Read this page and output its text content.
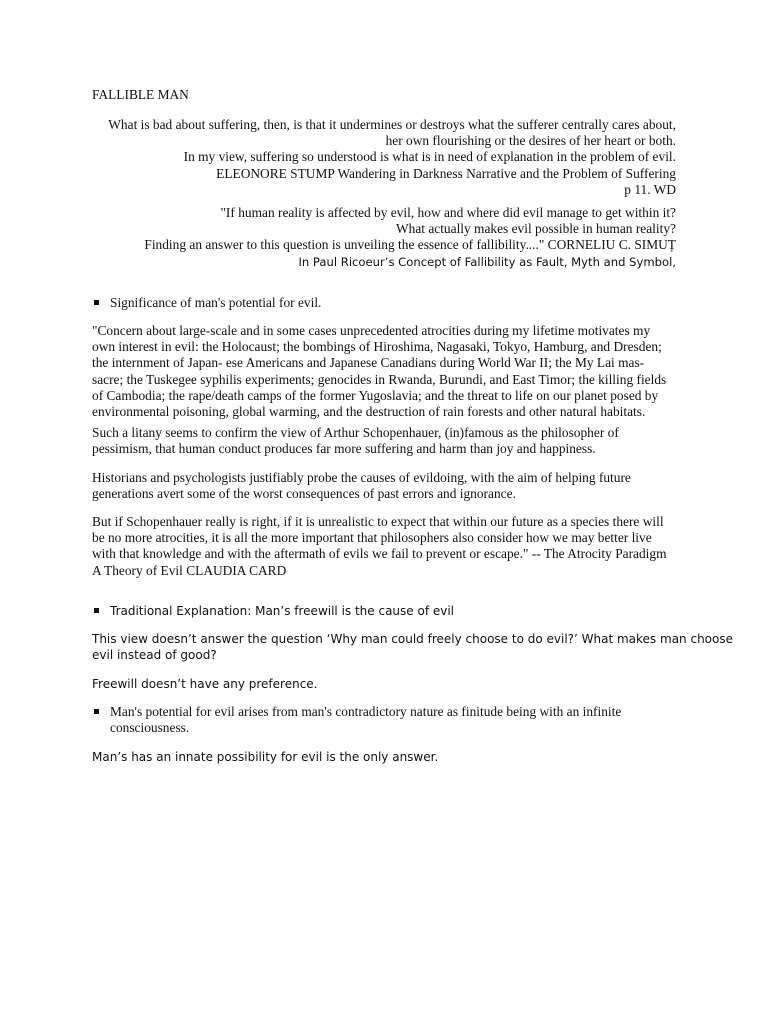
FALLIBLE MAN
What is bad about suffering, then, is that it undermines or destroys what the sufferer centrally cares about,
her own flourishing or the desires of her heart or both.
In my view, suffering so understood is what is in need of explanation in the problem of evil.
ELEONORE STUMP Wandering in Darkness Narrative and the Problem of Suffering
p 11. WD
"If human reality is affected by evil, how and where did evil manage to get within it?
What actually makes evil possible in human reality?
Finding an answer to this question is unveiling the essence of fallibility...." CORNELIU C. SIMUȚ
In Paul Ricoeur’s Concept of Fallibility as Fault, Myth and Symbol,
Significance of man's potential for evil.
"Concern about large-scale and in some cases unprecedented atrocities during my lifetime motivates my
own interest in evil: the Holocaust; the bombings of Hiroshima, Nagasaki, Tokyo, Hamburg, and Dresden;
the internment of Japan- ese Americans and Japanese Canadians during World War II; the My Lai mas-
sacre; the Tuskegee syphilis experiments; genocides in Rwanda, Burundi, and East Timor; the killing fields
of Cambodia; the rape/death camps of the former Yugoslavia; and the threat to life on our planet posed by
environmental poisoning, global warming, and the destruction of rain forests and other natural habitats.
Such a litany seems to confirm the view of Arthur Schopenhauer, (in)famous as the philosopher of
pessimism, that human conduct produces far more suffering and harm than joy and happiness.
Historians and psychologists justifiably probe the causes of evildoing, with the aim of helping future
generations avert some of the worst consequences of past errors and ignorance.
But if Schopenhauer really is right, if it is unrealistic to expect that within our future as a species there will
be no more atrocities, it is all the more important that philosophers also consider how we may better live
with that knowledge and with the aftermath of evils we fail to prevent or escape." -- The Atrocity Paradigm
A Theory of Evil CLAUDIA CARD
Traditional Explanation: Man’s freewill is the cause of evil
This view doesn’t answer the question ‘Why man could freely choose to do evil?’ What makes man choose
evil instead of good?
Freewill doesn’t have any preference.
Man's potential for evil arises from man's contradictory nature as finitude being with an infinite consciousness.
Man’s has an innate possibility for evil is the only answer.
